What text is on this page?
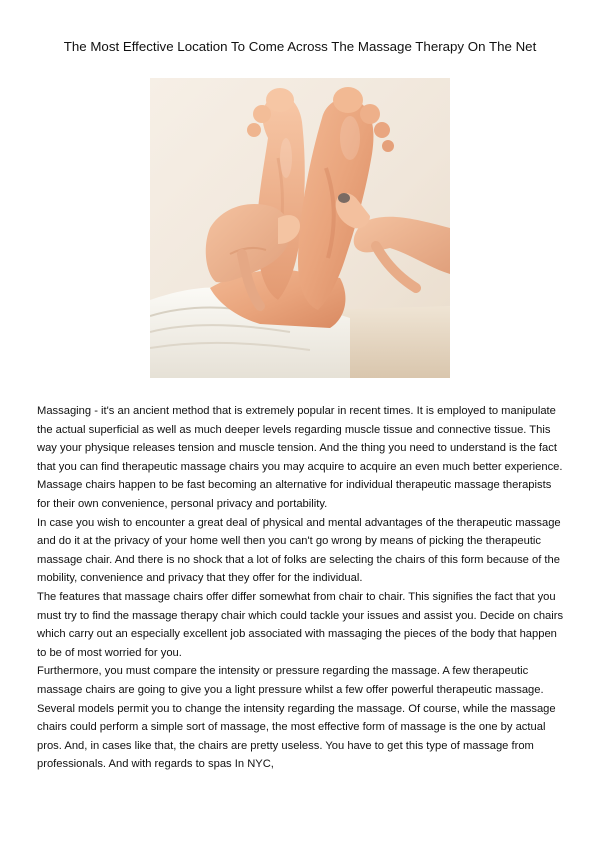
The Most Effective Location To Come Across The Massage Therapy On The Net

Massaging - it's an ancient method that is extremely popular in recent times. It is employed to manipulate the actual superficial as well as much deeper levels regarding muscle tissue and connective tissue. This way your physique releases tension and muscle tension. And the thing you need to understand is the fact that you can find therapeutic massage chairs you may acquire to acquire an even much better experience. Massage chairs happen to be fast becoming an alternative for individual therapeutic massage therapists for their own convenience, personal privacy and portability.

In case you wish to encounter a great deal of physical and mental advantages of the therapeutic massage and do it at the privacy of your home well then you can't go wrong by means of picking the therapeutic massage chair. And there is no shock that a lot of folks are selecting the chairs of this form because of the mobility, convenience and privacy that they offer for the individual.

The features that massage chairs offer differ somewhat from chair to chair. This signifies the fact that you must try to find the massage therapy chair which could tackle your issues and assist you. Decide on chairs which carry out an especially excellent job associated with massaging the pieces of the body that happen to be of most worried for you.

Furthermore, you must compare the intensity or pressure regarding the massage. A few therapeutic massage chairs are going to give you a light pressure whilst a few offer powerful therapeutic massage. Several models permit you to change the intensity regarding the massage. Of course, while the massage chairs could perform a simple sort of massage, the most effective form of massage is the one by actual pros. And, in cases like that, the chairs are pretty useless. You have to get this type of massage from professionals. And with regards to spas In NYC,
